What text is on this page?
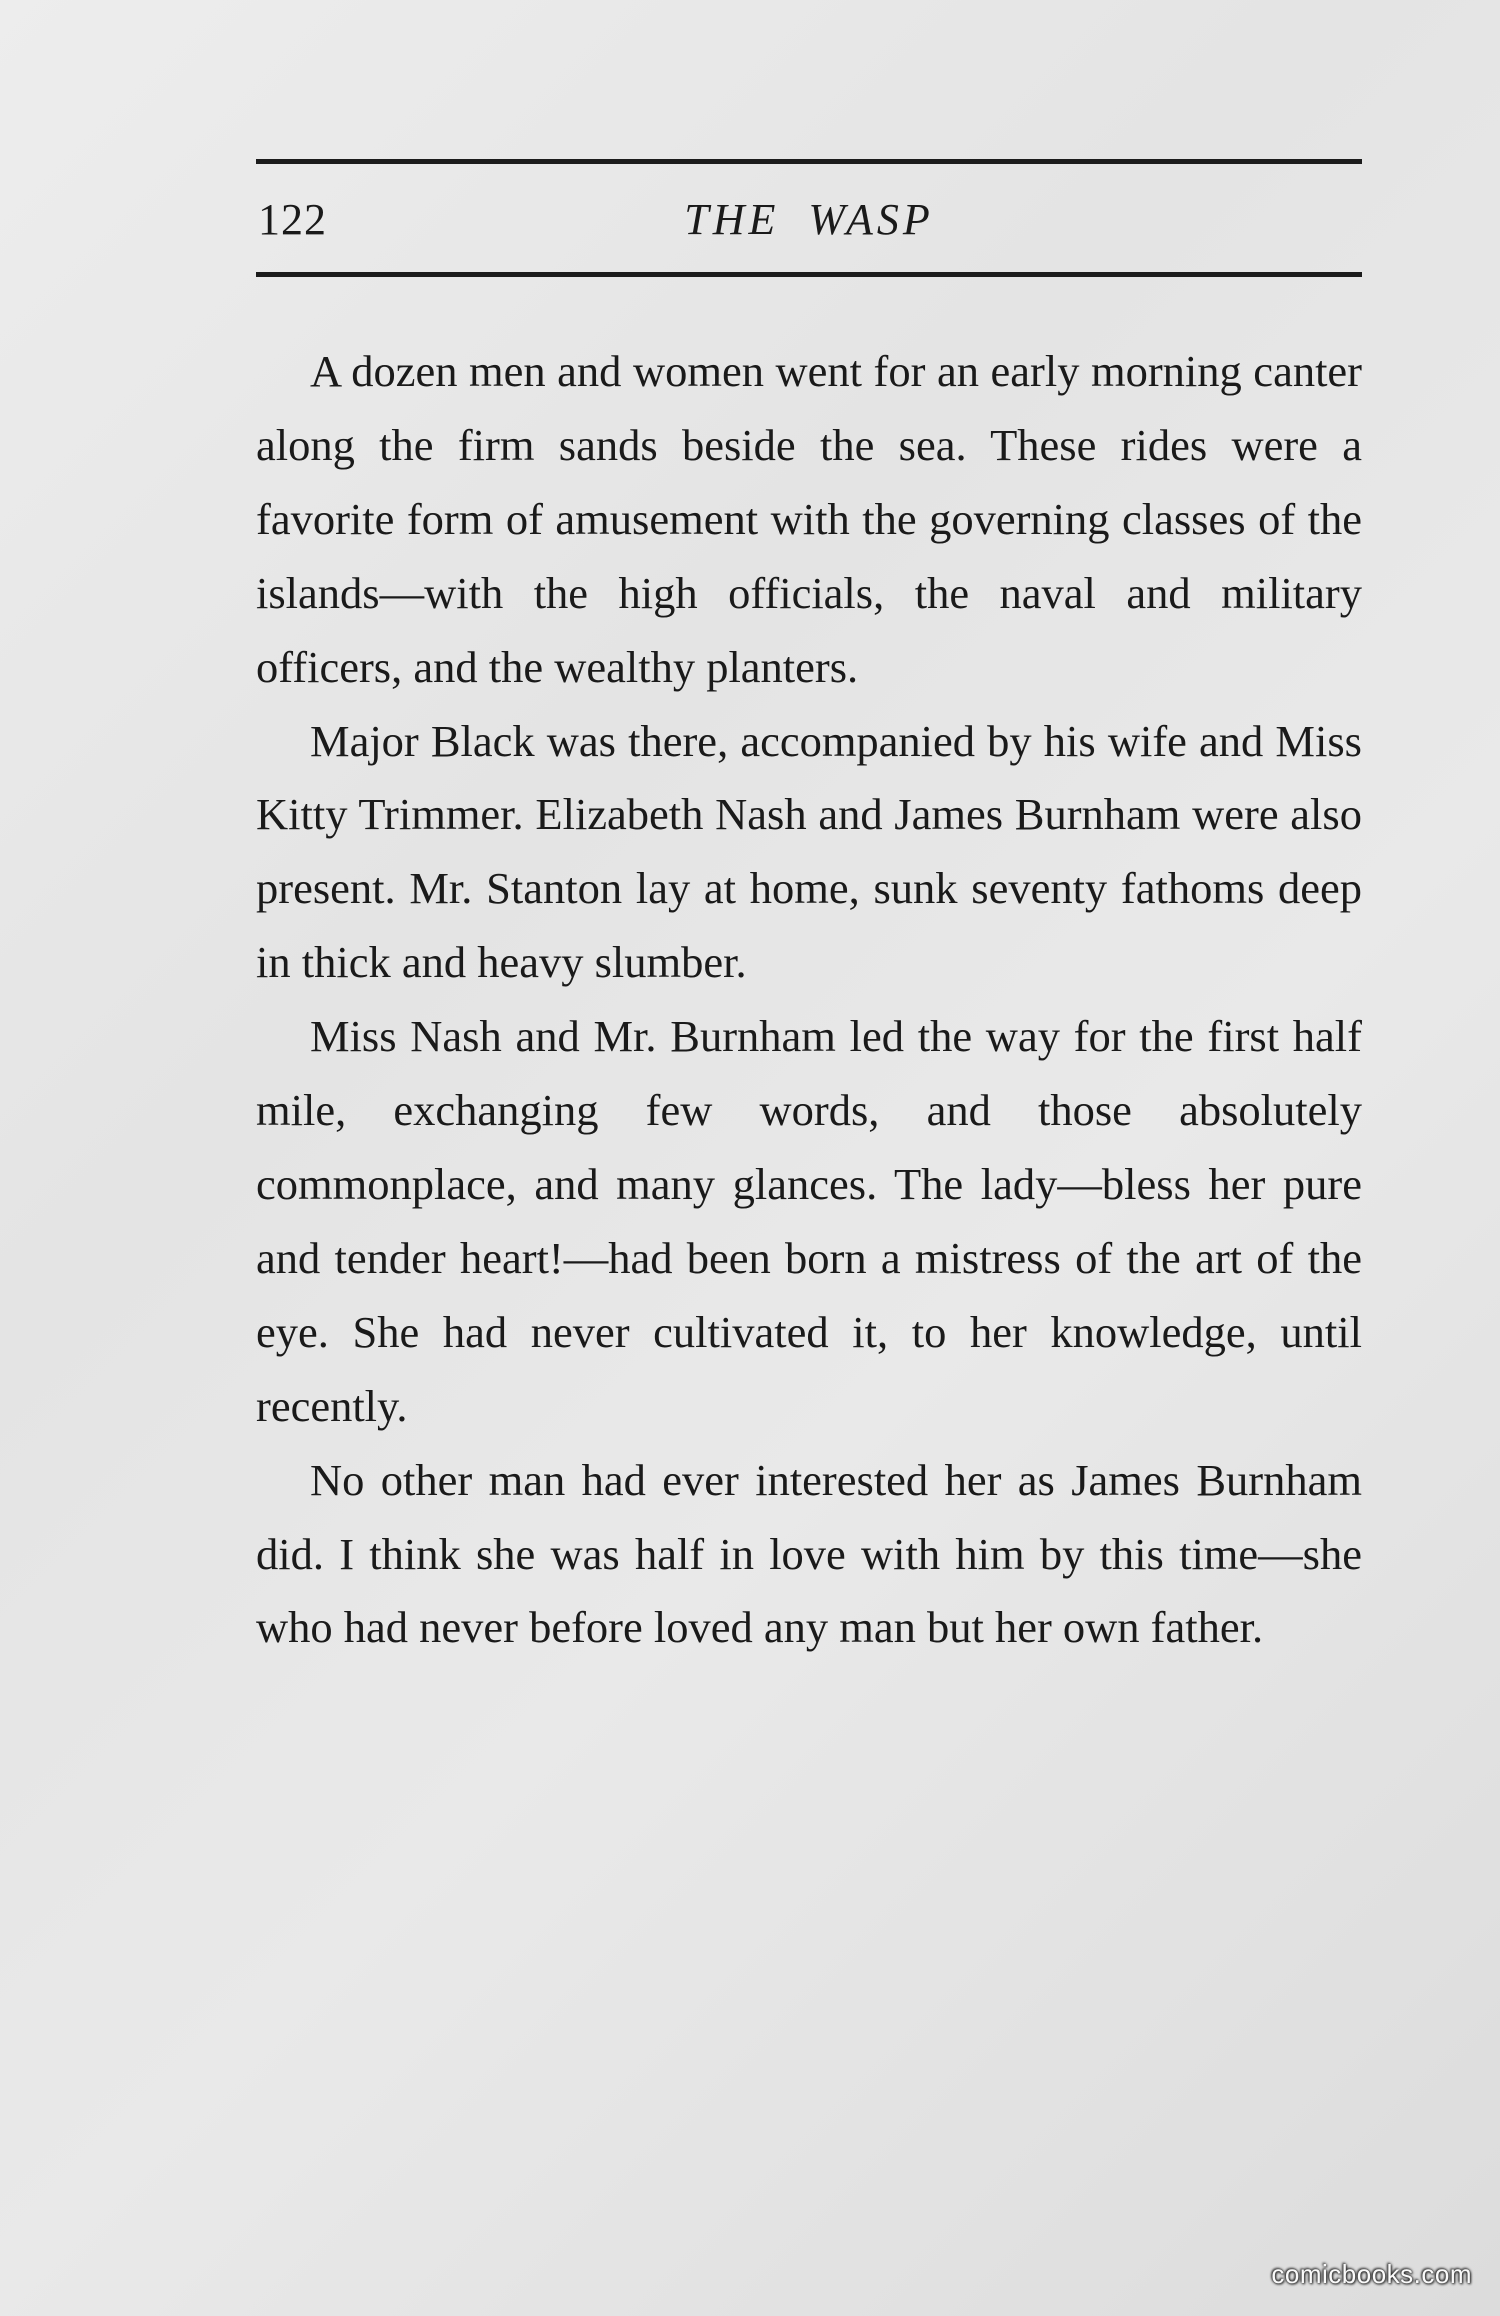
122	THE WASP

A dozen men and women went for an early morning canter along the firm sands beside the sea. These rides were a favorite form of amusement with the governing classes of the islands—with the high officials, the naval and military officers, and the wealthy planters.

Major Black was there, accompanied by his wife and Miss Kitty Trimmer. Elizabeth Nash and James Burnham were also present. Mr. Stanton lay at home, sunk seventy fathoms deep in thick and heavy slumber.

Miss Nash and Mr. Burnham led the way for the first half mile, exchanging few words, and those absolutely commonplace, and many glances. The lady—bless her pure and tender heart!—had been born a mistress of the art of the eye. She had never cultivated it, to her knowledge, until recently.

No other man had ever interested her as James Burnham did. I think she was half in love with him by this time—she who had never before loved any man but her own father.

comicbooks.com
